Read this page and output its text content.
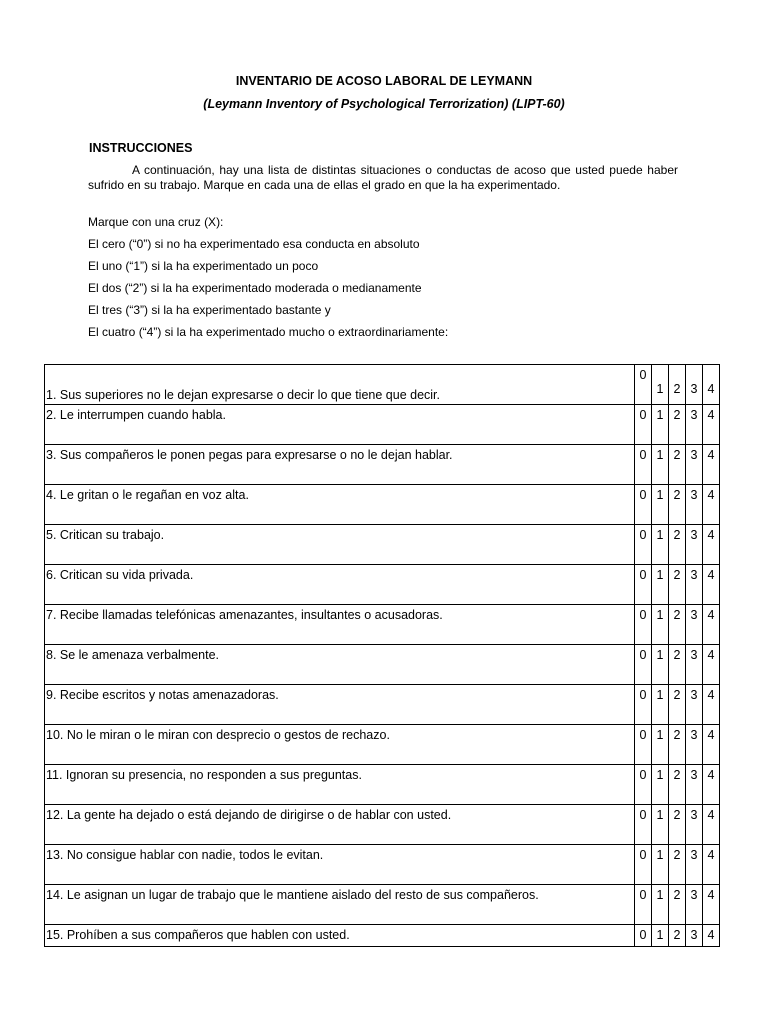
INVENTARIO DE ACOSO LABORAL DE LEYMANN
(Leymann Inventory of Psychological Terrorization) (LIPT-60)
INSTRUCCIONES
A continuación, hay una lista de distintas situaciones o conductas de acoso que usted puede haber sufrido en su trabajo. Marque en cada una de ellas el grado en que la ha experimentado.
Marque con una cruz (X):
El cero (“0”) si no ha experimentado esa conducta en absoluto
El uno (“1”) si la ha experimentado un poco
El dos (“2”) si la ha experimentado moderada o medianamente
El tres (“3”) si la ha experimentado bastante y
El cuatro (“4”) si la ha experimentado mucho o extraordinariamente:
1. Sus superiores no le dejan expresarse o decir lo que tiene que decir.	0	1	2	3	4
2. Le interrumpen cuando habla.	0	1	2	3	4
3. Sus compañeros le ponen pegas para expresarse o no le dejan hablar.	0	1	2	3	4
4. Le gritan o le regañan en voz alta.	0	1	2	3	4
5. Critican su trabajo.	0	1	2	3	4
6. Critican su vida privada.	0	1	2	3	4
7. Recibe llamadas telefónicas amenazantes, insultantes o acusadoras.	0	1	2	3	4
8. Se le amenaza verbalmente.	0	1	2	3	4
9. Recibe escritos y notas amenazadoras.	0	1	2	3	4
10. No le miran o le miran con desprecio o gestos de rechazo.	0	1	2	3	4
11. Ignoran su presencia, no responden a sus preguntas.	0	1	2	3	4
12. La gente ha dejado o está dejando de dirigirse o de hablar con usted.	0	1	2	3	4
13. No consigue hablar con nadie, todos le evitan.	0	1	2	3	4
14. Le asignan un lugar de trabajo que le mantiene aislado del resto de sus compañeros.	0	1	2	3	4
15. Prohíben a sus compañeros que hablen con usted.	0	1	2	3	4
